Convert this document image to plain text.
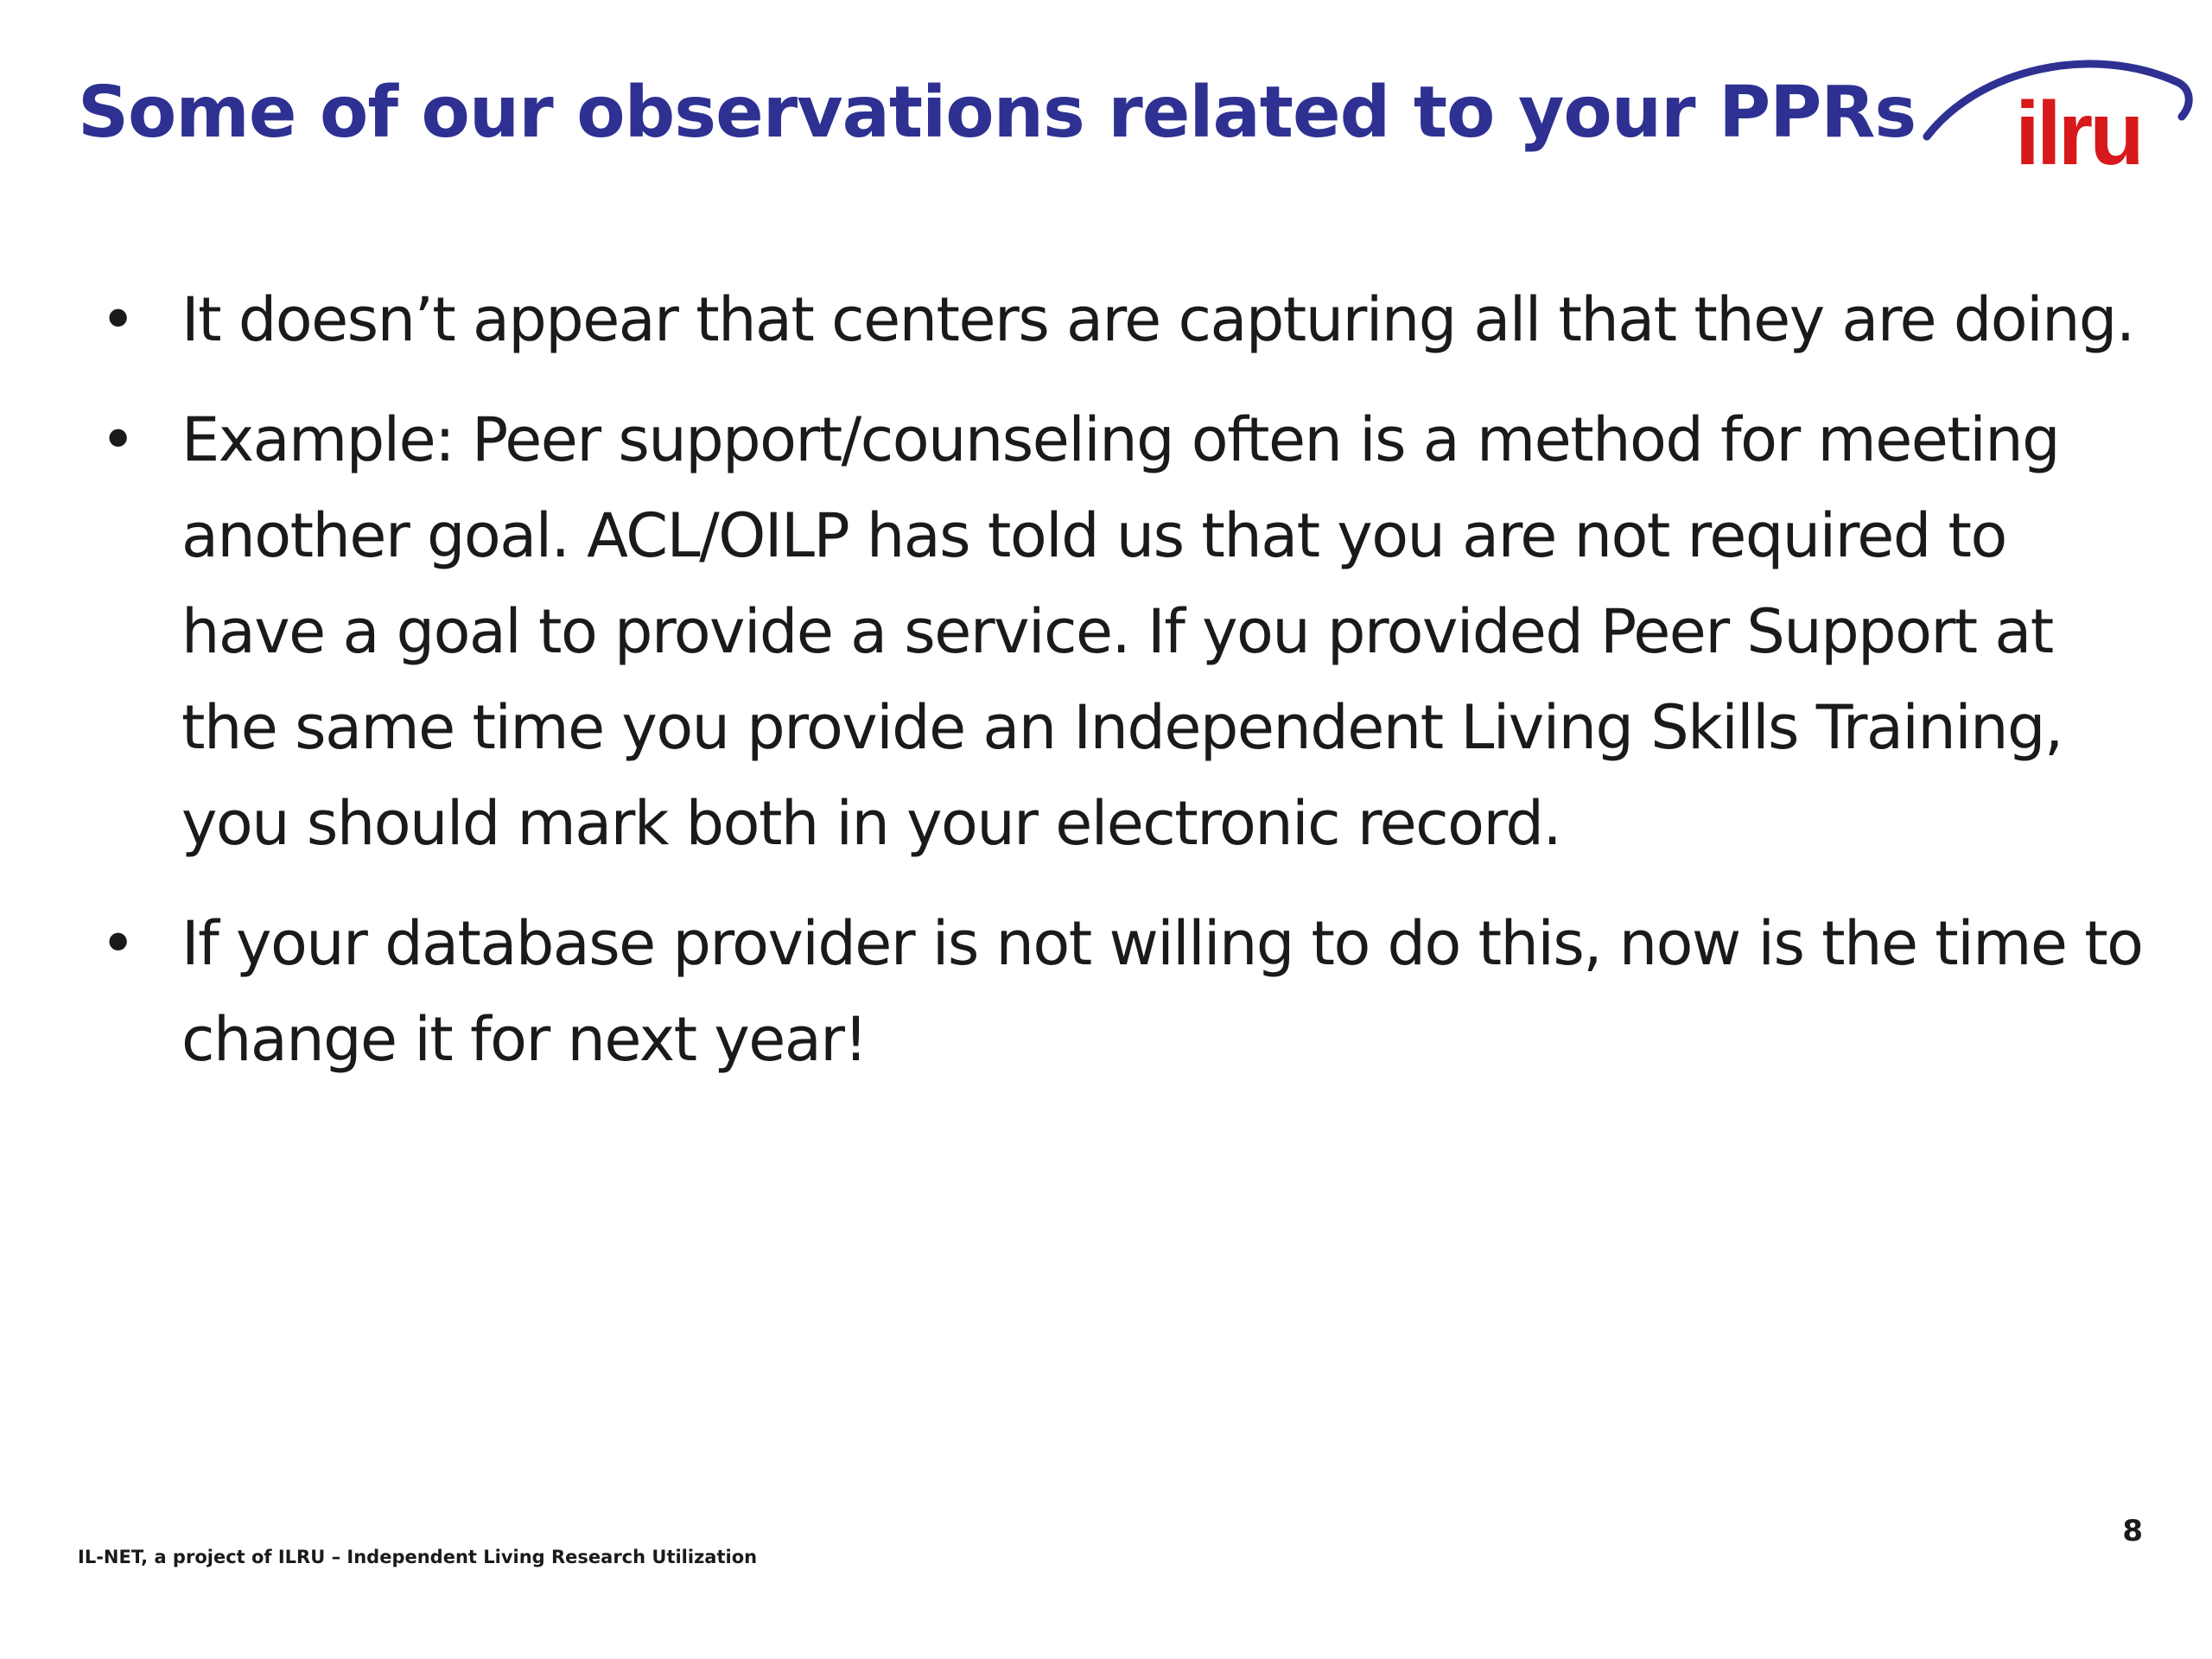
Some of our observations related to your PPRs ilru
• It doesn’t appear that centers are capturing all that they are doing.
• Example: Peer support/counseling often is a method for meeting another goal. ACL/OILP has told us that you are not required to have a goal to provide a service. If you provided Peer Support at the same time you provide an Independent Living Skills Training, you should mark both in your electronic record.
• If your database provider is not willing to do this, now is the time to change it for next year!
8
IL-NET, a project of ILRU – Independent Living Research Utilization
